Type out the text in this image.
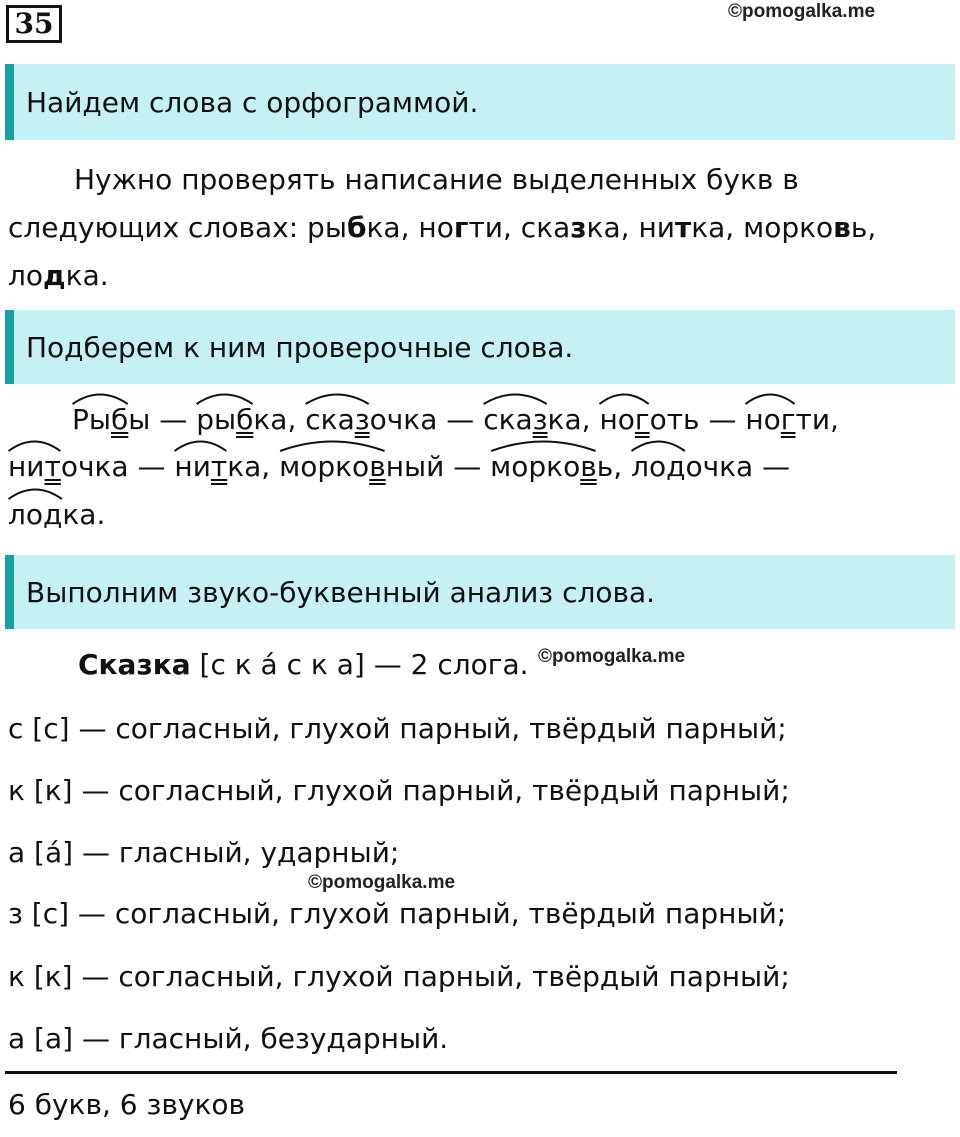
35	©pomogalka.me
Найдем слова с орфограммой.
Нужно проверять написание выделенных букв в следующих словах: рыбка, ногти, сказка, нитка, морковь, лодка.
Подберем к ним проверочные слова.
Рыб
ы — рыб
ка, сказ
очка — сказ
ка, ног
оть — ног
ти,
нит
очка — нит
ка, морков
ный — морков
ь, лод
очка —
лод
ка.
Выполним звуко-буквенный анализ слова.
Сказка [с к á с к а] — 2 слога. ©pomogalka.me
с [с] — согласный, глухой парный, твёрдый парный;
к [к] — согласный, глухой парный, твёрдый парный;
а [á] — гласный, ударный;
©pomogalka.me
з [с] — согласный, глухой парный, твёрдый парный;
к [к] — согласный, глухой парный, твёрдый парный;
а [а] — гласный, безударный.
6 букв, 6 звуков
